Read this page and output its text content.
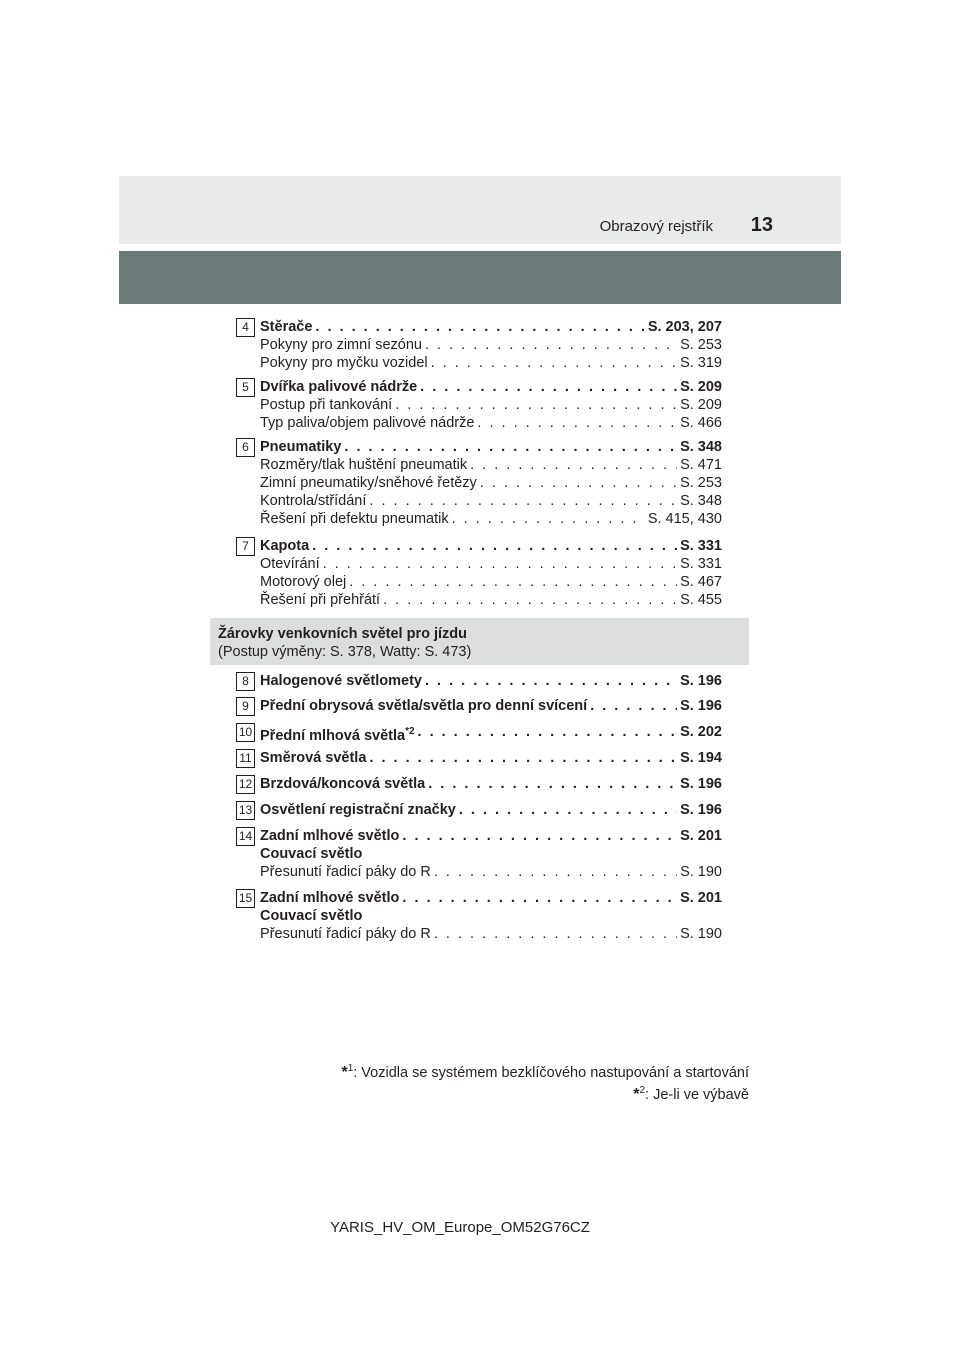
Obrazový rejstřík 13
4 Stěrače . . .	S. 203, 207
Pokyny pro zimní sezónu . . .	S. 253
Pokyny pro myčku vozidel . . .	S. 319
5 Dvířka palivové nádrže . . .	S. 209
Postup při tankování . . .	S. 209
Typ paliva/objem palivové nádrže . . .	S. 466
6 Pneumatiky . . .	S. 348
Rozměry/tlak huštění pneumatik . . .	S. 471
Zimní pneumatiky/sněhové řetězy . . .	S. 253
Kontrola/střídání . . .	S. 348
Řešení při defektu pneumatik . . .	S. 415, 430
7 Kapota . . .	S. 331
Otevírání . . .	S. 331
Motorový olej . . .	S. 467
Řešení při přehřátí . . .	S. 455
Žárovky venkovních světel pro jízdu
(Postup výměny: S. 378, Watty: S. 473)
8 Halogenové světlomety . . .	S. 196
9 Přední obrysová světla/světla pro denní svícení . . .	S. 196
10 Přední mlhová světla$^{*2}$ . . .	S. 202
11 Směrová světla . . .	S. 194
12 Brzdová/koncová světla . . .	S. 196
13 Osvětlení registrační značky . . .	S. 196
14 Zadní mlhové světlo . . .	S. 201
Couvací světlo
Přesunutí řadicí páky do R . . .	S. 190
15 Zadní mlhové světlo . . .	S. 201
Couvací světlo
Přesunutí řadicí páky do R . . .	S. 190
*$^1$: Vozidla se systémem bezklíčového nastupování a startování
*$^2$: Je-li ve výbavě
YARIS_HV_OM_Europe_OM52G76CZ
